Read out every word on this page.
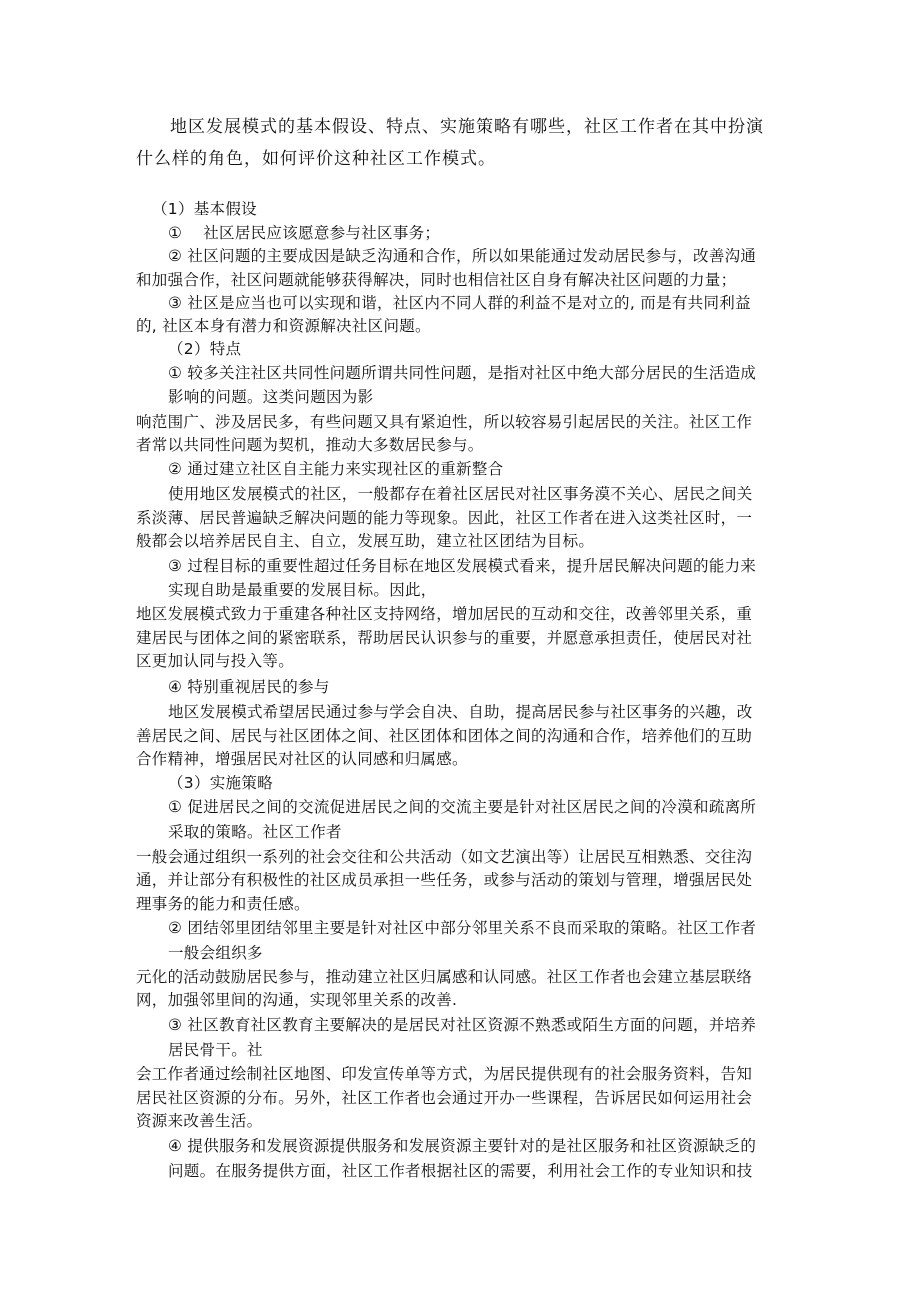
地区发展模式的基本假设、特点、实施策略有哪些，社区工作者在其中扮演
什么样的角色，如何评价这种社区工作模式。
（1）基本假设
①　 社区居民应该愿意参与社区事务；
② 社区问题的主要成因是缺乏沟通和合作，所以如果能通过发动居民参与，改善沟通
和加强合作，社区问题就能够获得解决，同时也相信社区自身有解决社区问题的力量；
③ 社区是应当也可以实现和谐，社区内不同人群的利益不是对立的, 而是有共同利益
的, 社区本身有潜力和资源解决社区问题。
（2）特点
① 较多关注社区共同性问题所谓共同性问题，是指对社区中绝大部分居民的生活造成
影响的问题。这类问题因为影
响范围广、涉及居民多，有些问题又具有紧迫性，所以较容易引起居民的关注。社区工作
者常以共同性问题为契机，推动大多数居民参与。
② 通过建立社区自主能力来实现社区的重新整合
使用地区发展模式的社区，一般都存在着社区居民对社区事务漠不关心、居民之间关
系淡薄、居民普遍缺乏解决问题的能力等现象。因此，社区工作者在进入这类社区时，一
般都会以培养居民自主、自立，发展互助，建立社区团结为目标。
③ 过程目标的重要性超过任务目标在地区发展模式看来，提升居民解决问题的能力来
实现自助是最重要的发展目标。因此，
地区发展模式致力于重建各种社区支持网络，增加居民的互动和交往，改善邻里关系，重
建居民与团体之间的紧密联系，帮助居民认识参与的重要，并愿意承担责任，使居民对社
区更加认同与投入等。
④ 特别重视居民的参与
地区发展模式希望居民通过参与学会自决、自助，提高居民参与社区事务的兴趣，改
善居民之间、居民与社区团体之间、社区团体和团体之间的沟通和合作，培养他们的互助
合作精神，增强居民对社区的认同感和归属感。
（3）实施策略
① 促进居民之间的交流促进居民之间的交流主要是针对社区居民之间的冷漠和疏离所
采取的策略。社区工作者
一般会通过组织一系列的社会交往和公共活动（如文艺演出等）让居民互相熟悉、交往沟
通，并让部分有积极性的社区成员承担一些任务，或参与活动的策划与管理，增强居民处
理事务的能力和责任感。
② 团结邻里团结邻里主要是针对社区中部分邻里关系不良而采取的策略。社区工作者
一般会组织多
元化的活动鼓励居民参与，推动建立社区归属感和认同感。社区工作者也会建立基层联络
网，加强邻里间的沟通，实现邻里关系的改善.
③ 社区教育社区教育主要解决的是居民对社区资源不熟悉或陌生方面的问题，并培养
居民骨干。社
会工作者通过绘制社区地图、印发宣传单等方式，为居民提供现有的社会服务资料，告知
居民社区资源的分布。另外，社区工作者也会通过开办一些课程，告诉居民如何运用社会
资源来改善生活。
④ 提供服务和发展资源提供服务和发展资源主要针对的是社区服务和社区资源缺乏的
问题。在服务提供方面，社区工作者根据社区的需要，利用社会工作的专业知识和技
